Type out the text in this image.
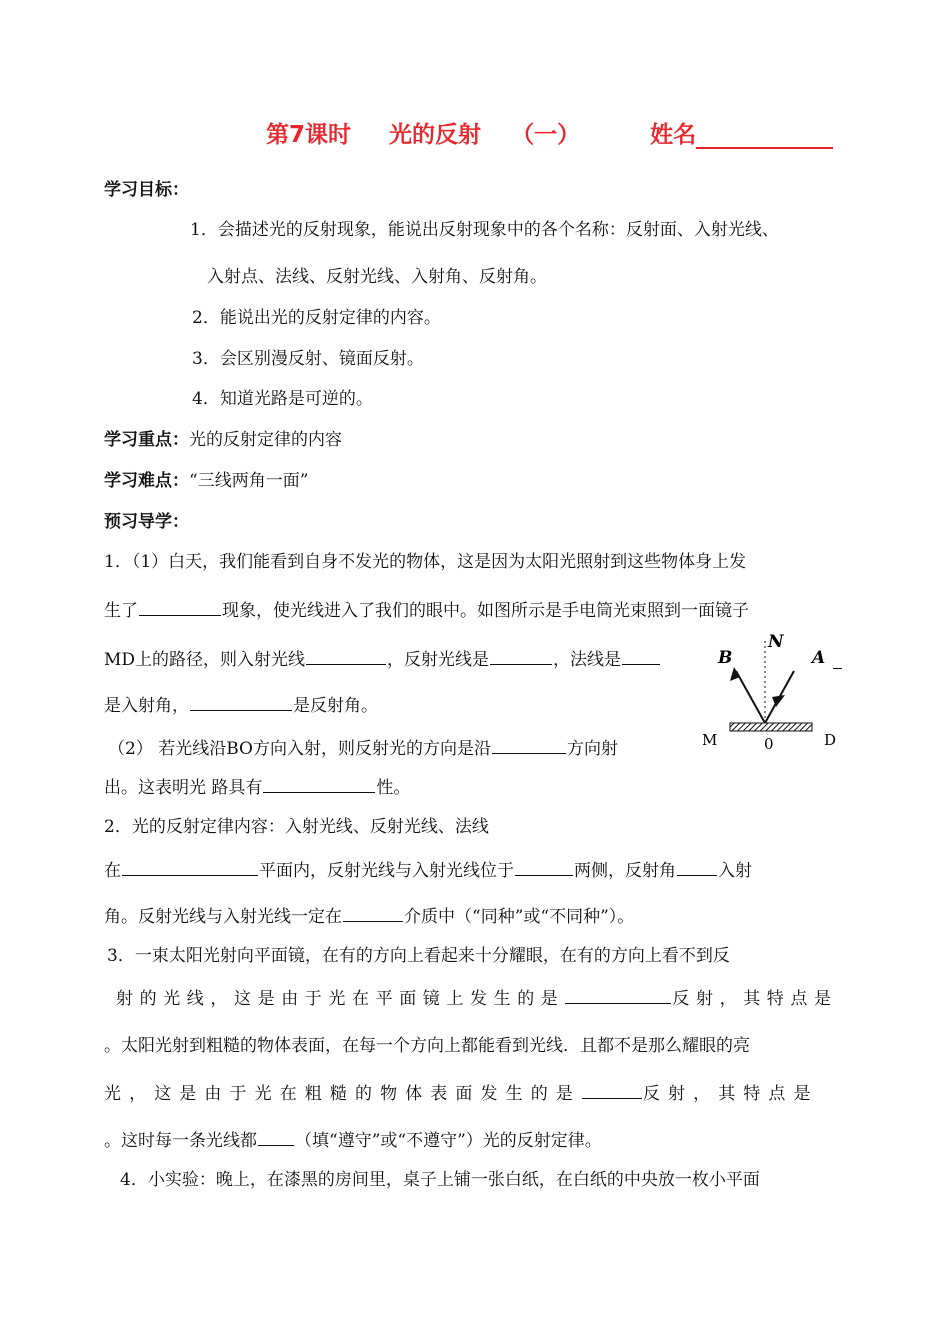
第7课时 光的反射 （一）	姓名
学习目标：
1．会描述光的反射现象，能说出反射现象中的各个名称：反射面、入射光线、
入射点、法线、反射光线、入射角、反射角。
2．能说出光的反射定律的内容。
3．会区别漫反射、镜面反射。
4．知道光路是可逆的。
学习重点：光的反射定律的内容
学习难点：“三线两角一面”
预习导学：
1．（1）白天，我们能看到自身不发光的物体，这是因为太阳光照射到这些物体身上发
生了	现象，使光线进入了我们的眼中。如图所示是手电筒光束照到一面镜子
MD上的路径，则入射光线	，反射光线是	，法线是
是入射角，	是反射角。
（2） 若光线沿BO方向入射，则反射光的方向是沿	方向射
出。这表明光 路具有	性。
N
B	A
M	0	D
2．光的反射定律内容：入射光线、反射光线、法线
在	平面内，反射光线与入射光线位于	两侧，反射角 入射
角。反射光线与入射光线一定在	介质中（“同种”或“不同种”）。
3．一束太阳光射向平面镜，在有的方向上看起来十分耀眼，在有的方向上看不到反
射的光线，这是由于光在平面镜上发生的是	反射，其特点是
。太阳光射到粗糙的物体表面，在每一个方向上都能看到光线．且都不是那么耀眼的亮
光，这是由于光在粗糙的物体表面发生的是	反射，其特点是
。这时每一条光线都 （填“遵守”或“不遵守”）光的反射定律。
4．小实验：晚上，在漆黑的房间里，桌子上铺一张白纸，在白纸的中央放一枚小平面
